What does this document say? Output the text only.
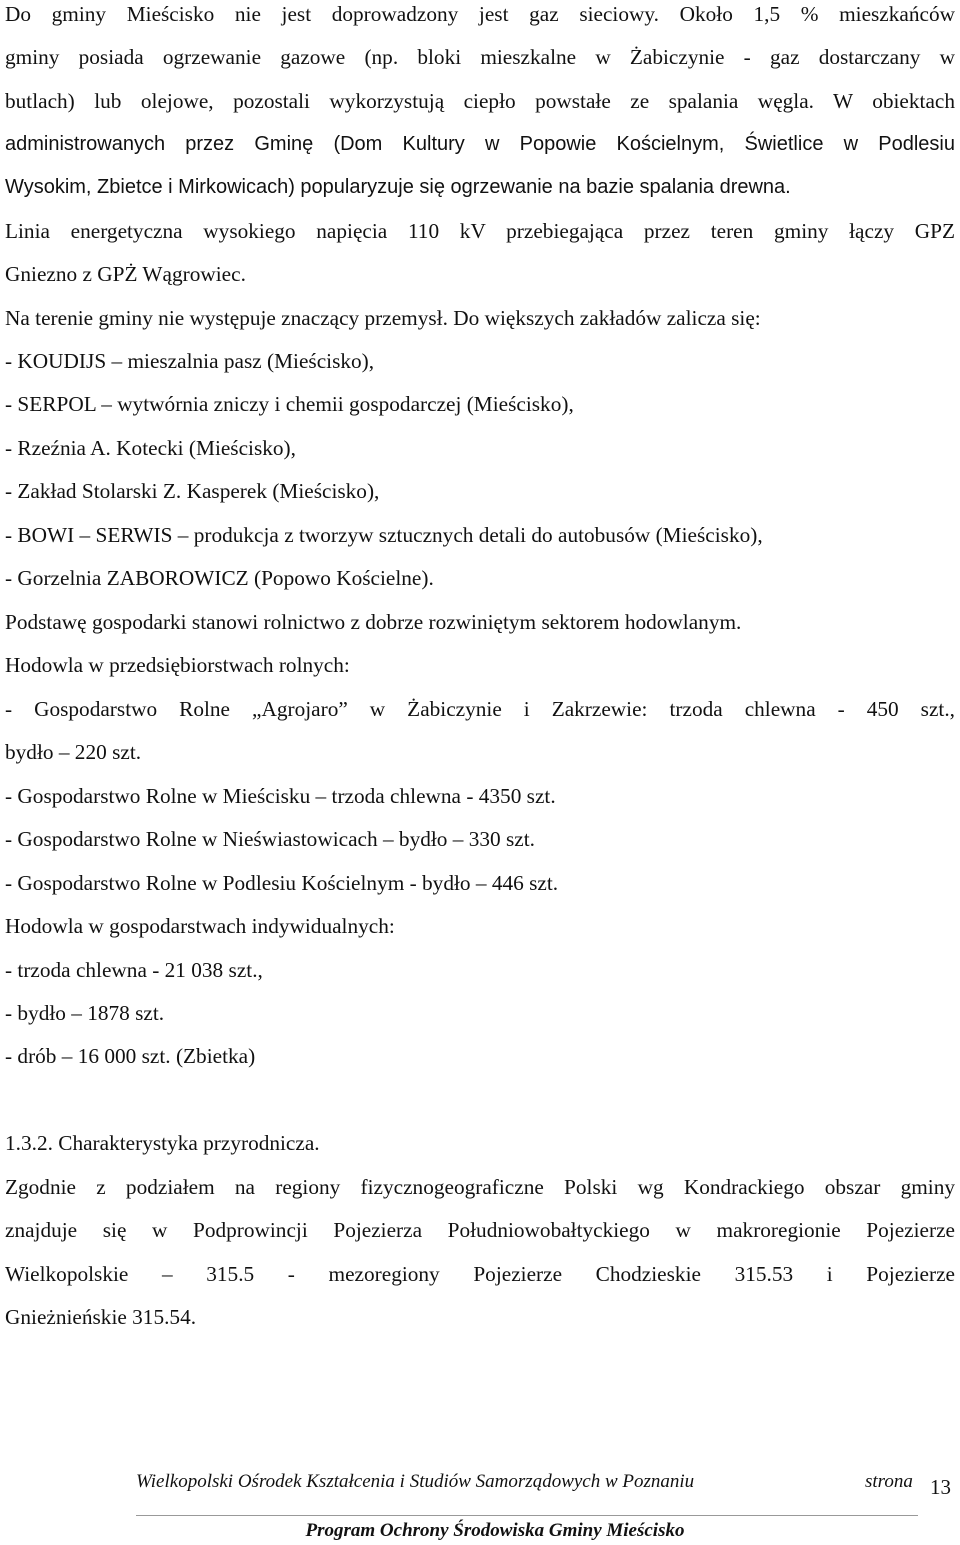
Do gminy Mieścisko nie jest doprowadzony jest gaz sieciowy. Około 1,5 % mieszkańców
gminy posiada ogrzewanie gazowe (np. bloki mieszkalne w Żabiczynie - gaz dostarczany w
butlach) lub olejowe, pozostali wykorzystują ciepło powstałe ze spalania węgla. W obiektach
administrowanych przez Gminę (Dom Kultury w Popowie Kościelnym, Świetlice w Podlesiu
Wysokim, Zbietce i Mirkowicach) popularyzuje się ogrzewanie na bazie spalania drewna.
Linia energetyczna wysokiego napięcia 110 kV przebiegająca przez teren gminy łączy GPZ
Gniezno z GPŻ Wągrowiec.
Na terenie gminy nie występuje znaczący przemysł. Do większych zakładów zalicza się:
- KOUDIJS – mieszalnia pasz (Mieścisko),
- SERPOL – wytwórnia zniczy i chemii gospodarczej (Mieścisko),
- Rzeźnia A. Kotecki (Mieścisko),
- Zakład Stolarski Z. Kasperek (Mieścisko),
- BOWI – SERWIS – produkcja z tworzyw sztucznych detali do autobusów (Mieścisko),
- Gorzelnia ZABOROWICZ (Popowo Kościelne).
Podstawę gospodarki stanowi rolnictwo z dobrze rozwiniętym sektorem hodowlanym.
Hodowla w przedsiębiorstwach rolnych:
- Gospodarstwo Rolne „Agrojaro” w Żabiczynie i Zakrzewie: trzoda chlewna - 450 szt.,
bydło – 220 szt.
- Gospodarstwo Rolne w Mieścisku – trzoda chlewna - 4350 szt.
- Gospodarstwo Rolne w Nieświastowicach – bydło – 330 szt.
- Gospodarstwo Rolne w Podlesiu Kościelnym - bydło – 446 szt.
Hodowla w gospodarstwach indywidualnych:
- trzoda chlewna - 21 038 szt.,
- bydło – 1878 szt.
- drób – 16 000 szt. (Zbietka)
1.3.2. Charakterystyka przyrodnicza.
Zgodnie z podziałem na regiony fizycznogeograficzne Polski wg Kondrackiego obszar gminy
znajduje się w Podprowincji Pojezierza Południowobałtyckiego w makroregionie Pojezierze
Wielkopolskie – 315.5 - mezoregiony Pojezierze Chodzieskie 315.53 i Pojezierze
Gnieżnieńskie 315.54.
Wielkopolski Ośrodek Kształcenia i Studiów Samorządowych w Poznaniu	strona 13
Program Ochrony Środowiska Gminy Mieścisko
